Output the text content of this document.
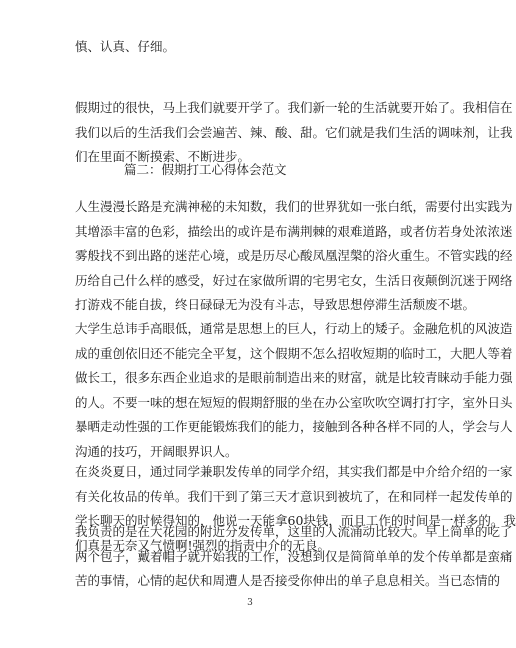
慎、认真、仔细。
假期过的很快，马上我们就要开学了。我们新一轮的生活就要开始了。我相信在
我们以后的生活我们会尝遍苦、辣、酸、甜。它们就是我们生活的调味剂，让我
们在里面不断摸索、不断进步。
篇二：假期打工心得体会范文
人生漫漫长路是充满神秘的未知数，我们的世界犹如一张白纸，需要付出实践为
其增添丰富的色彩，描绘出的或许是布满荆棘的艰难道路，或者仿若身处浓浓迷
雾般找不到出路的迷茫心境，或是历尽心酸凤凰涅槃的浴火重生。不管实践的经
历给自己什么样的感受，好过在家做所谓的宅男宅女，生活日夜颠倒沉迷于网络
打游戏不能自拔，终日碌碌无为没有斗志，导致思想停滞生活颓废不堪。
大学生总讳手高眼低，通常是思想上的巨人，行动上的矮子。金融危机的风波造
成的重创依旧还不能完全平复，这个假期不怎么招收短期的临时工，大肥人等着
做长工，很多东西企业追求的是眼前制造出来的财富，就是比较青睐动手能力强
的人。不要一味的想在短短的假期舒服的坐在办公室吹吹空调打打字，室外日头
暴晒走动性强的工作更能锻炼我们的能力，接触到各种各样不同的人，学会与人
沟通的技巧，开阔眼界识人。
在炎炎夏日，通过同学兼职发传单的同学介绍，其实我们都是中介给介绍的一家
有关化妆品的传单。我们干到了第三天才意识到被坑了，在和同样一起发传单的
学长聊天的时候得知的，他说一天能拿60块钱，而且工作的时间是一样多的。我
们真是无奈又气愤啊!强烈的指责中介的无良。
我负责的是在大花园的附近分发传单，这里的人流涌动比较大。早上简单的吃了
两个包子，戴着帽子就开始我的工作，没想到仅是简简单单的发个传单都是蛮痛
苦的事情，心情的起伏和周遭人是否接受你伸出的单子息息相关。当已态情的
3
